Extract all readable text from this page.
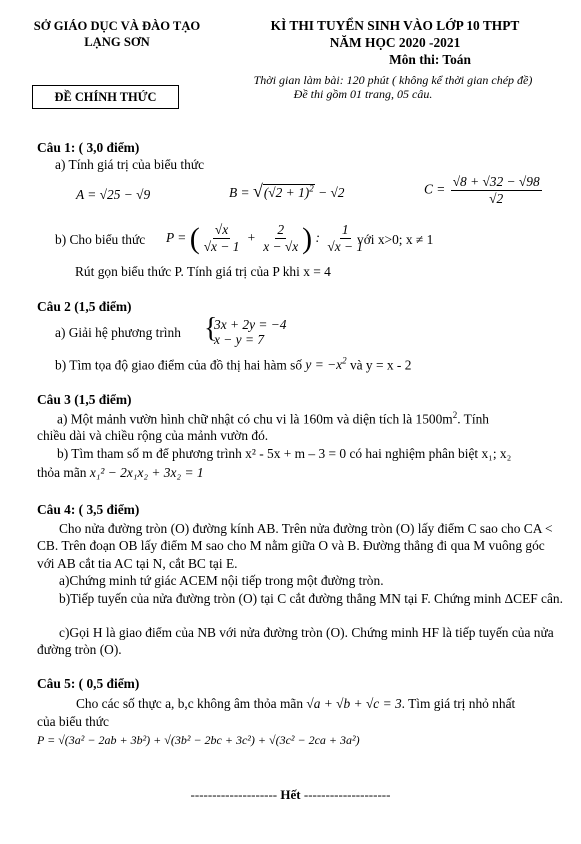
SỞ GIÁO DỤC VÀ ĐÀO TẠO
LẠNG SƠN
KÌ THI TUYỂN SINH VÀO LỚP 10 THPT
NĂM HỌC 2020 -2021
Môn thi: Toán
Thời gian làm bài: 120 phút ( không kể thời gian chép đề)
Đề thi gồm 01 trang, 05 câu.
ĐỀ CHÍNH THỨC
Câu 1: ( 3,0 điểm)
a) Tính giá trị của biểu thức
A = √25 − √9	$B = √(√2 + 1)^2 - √2$	$C = \frac{√8 + √32 - √98}{√2}$
b) Cho biểu thức P = ( $\frac{√x}{√x - 1} + \frac{2}{x - √x}$ ) : $\frac{1}{√x - 1}$
với x>0; x ≠ 1
Rút gọn biểu thức P. Tính giá trị của P khi x = 4
Câu 2 (1,5 điểm)
a) Giải hệ phương trình {
3x + 2y = −4
x − y = 7
b) Tìm tọa độ giao điểm của đồ thị hai hàm số $y = -x^2$ và y = x - 2
Câu 3 (1,5 điểm)
a) Một mảnh vườn hình chữ nhật có chu vi là 160m và diện tích là $1500m^2$. Tính
chiều dài và chiều rộng của mảnh vườn đó.
b) Tìm tham số m để phương trình x² - 5x + m – 3 = 0 có hai nghiệm phân biệt x₁; x₂
thỏa mãn x₁² − 2x₁x₂ + 3x₂ = 1
Câu 4: ( 3,5 điểm)
Cho nửa đường tròn (O) đường kính AB. Trên nửa đường tròn (O) lấy điểm C sao cho CA < CB. Trên đoạn OB lấy điểm M sao cho M nằm giữa O và B. Đường thẳng đi qua M vuông góc với AB cắt tia AC tại N, cắt BC tại E.
a)Chứng minh tứ giác ACEM nội tiếp trong một đường tròn.
b)Tiếp tuyến của nửa đường tròn (O) tại C cắt đường thẳng MN tại F. Chứng minh ΔCEF cân.
c)Gọi H là giao điểm của NB với nửa đường tròn (O). Chứng minh HF là tiếp tuyến của nửa đường tròn (O).
Câu 5: ( 0,5 điểm)
Cho các số thực a, b,c không âm thỏa mãn √a + √b + √c = 3. Tìm giá trị nhỏ nhất
của biểu thức
P = √(3a² − 2ab + 3b²) + √(3b² − 2bc + 3c²) + √(3c² − 2ca + 3a²)
-------------------- Hết --------------------
